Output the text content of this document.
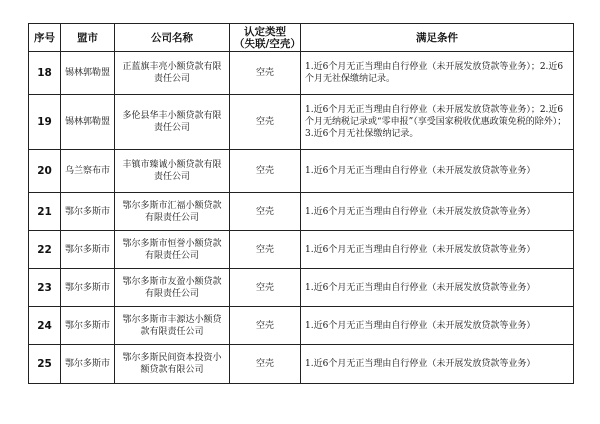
序号	盟市	公司名称	认定类型（失联/空壳）	满足条件
18	锡林郭勒盟	正蓝旗丰亮小额贷款有限责任公司	空壳	1.近6个月无正当理由自行停业（未开展发放贷款等业务）；2.近6个月无社保缴纳记录。
19	锡林郭勒盟	多伦县华丰小额贷款有限责任公司	空壳	1.近6个月无正当理由自行停业（未开展发放贷款等业务）；2.近6个月无纳税记录或“零申报”（享受国家税收优惠政策免税的除外）；3.近6个月无社保缴纳记录。
20	乌兰察布市	丰镇市臻诚小额贷款有限责任公司	空壳	1.近6个月无正当理由自行停业（未开展发放贷款等业务）
21	鄂尔多斯市	鄂尔多斯市汇福小额贷款有限责任公司	空壳	1.近6个月无正当理由自行停业（未开展发放贷款等业务）
22	鄂尔多斯市	鄂尔多斯市恒誉小额贷款有限责任公司	空壳	1.近6个月无正当理由自行停业（未开展发放贷款等业务）
23	鄂尔多斯市	鄂尔多斯市友盈小额贷款有限责任公司	空壳	1.近6个月无正当理由自行停业（未开展发放贷款等业务）
24	鄂尔多斯市	鄂尔多斯市丰源达小额贷款有限责任公司	空壳	1.近6个月无正当理由自行停业（未开展发放贷款等业务）
25	鄂尔多斯市	鄂尔多斯民间资本投资小额贷款有限公司	空壳	1.近6个月无正当理由自行停业（未开展发放贷款等业务）
